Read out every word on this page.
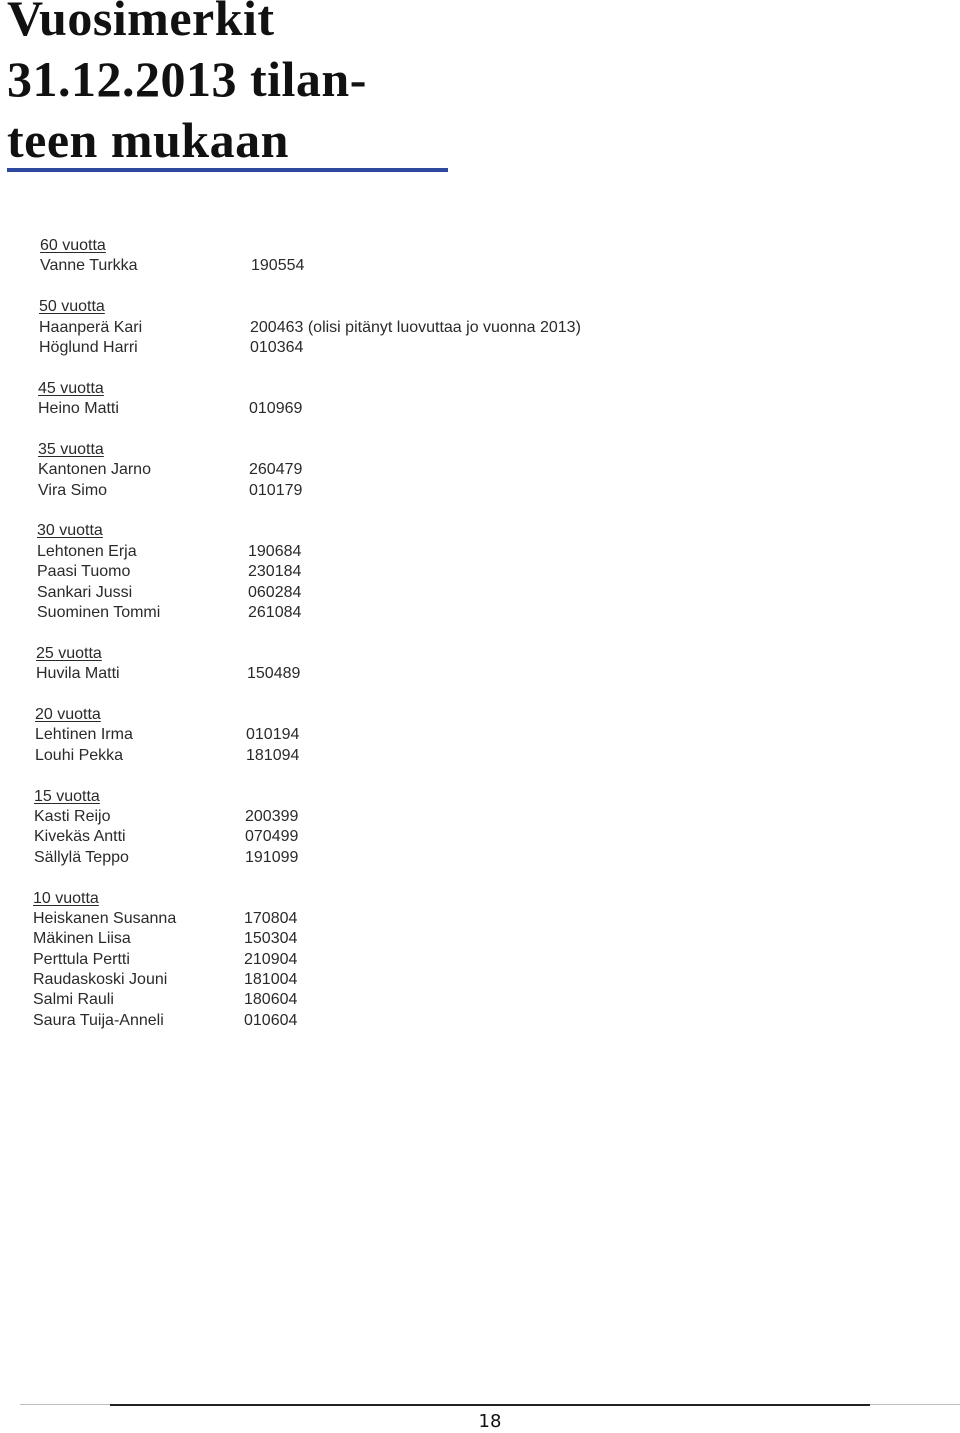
Vuosimerkit
31.12.2013 tilan-
teen mukaan
60 vuotta
Vanne Turkka	190554
50 vuotta
Haanperä Kari	200463 (olisi pitänyt luovuttaa jo vuonna 2013)
Höglund Harri	010364
45 vuotta
Heino Matti	010969
35 vuotta
Kantonen Jarno	260479
Vira Simo	010179
30 vuotta
Lehtonen Erja	190684
Paasi Tuomo	230184
Sankari Jussi	060284
Suominen Tommi	261084
25 vuotta
Huvila Matti	150489
20 vuotta
Lehtinen Irma	010194
Louhi Pekka	181094
15 vuotta
Kasti Reijo	200399
Kivekäs Antti	070499
Sällylä Teppo	191099
10 vuotta
Heiskanen Susanna	170804
Mäkinen Liisa	150304
Perttula Pertti	210904
Raudaskoski Jouni	181004
Salmi Rauli	180604
Saura Tuija-Anneli	010604
18
